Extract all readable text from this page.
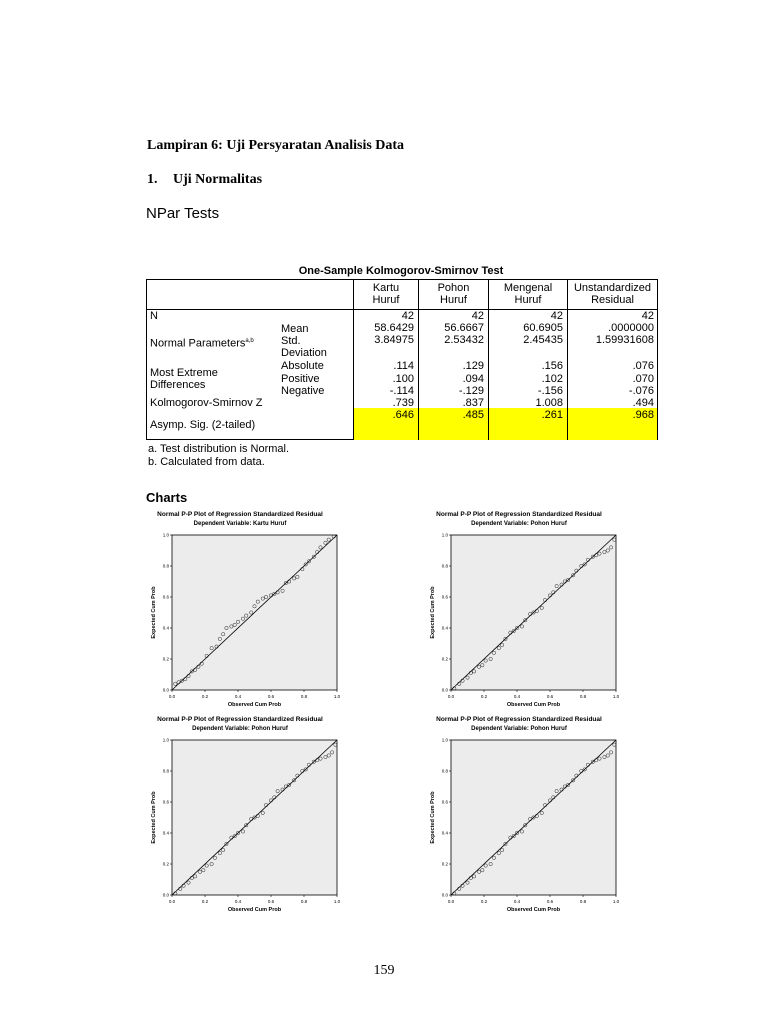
Lampiran 6: Uji Persyaratan Analisis Data
1. Uji Normalitas
NPar Tests
One-Sample Kolmogorov-Smirnov Test
Kartu
Huruf
Pohon
Huruf
Mengenal
Huruf
Unstandardized
Residual
N
Normal Parameters$^{a,b}$
Mean
Std.
Deviation
Most Extreme
Differences
Absolute
Positive
Negative
Kolmogorov-Smirnov Z
Asymp. Sig. (2-tailed)
42
58.6429
3.84975
.114
.100
-.114
.739
.646
42
56.6667
2.53432
.129
.094
-.129
.837
.485
42
60.6905
2.45435
.156
.102
-.156
1.008
.261
42
.0000000
1.59931608
.076
.070
-.076
.494
.968
a. Test distribution is Normal.
b. Calculated from data.
Charts
Normal P-P Plot of Regression Standardized Residual
Dependent Variable: Kartu Huruf
0.0
0.0
0.2
0.2
0.4
0.4
0.6
0.6
0.8
0.8
1.0
1.0
Observed Cum Prob
Expected Cum Prob
Normal P-P Plot of Regression Standardized Residual
Dependent Variable: Pohon Huruf
0.0
0.0
0.2
0.2
0.4
0.4
0.6
0.6
0.8
0.8
1.0
1.0
Observed Cum Prob
Expected Cum Prob
Normal P-P Plot of Regression Standardized Residual
Dependent Variable: Pohon Huruf
0.0
0.0
0.2
0.2
0.4
0.4
0.6
0.6
0.8
0.8
1.0
1.0
Observed Cum Prob
Expected Cum Prob
Normal P-P Plot of Regression Standardized Residual
Dependent Variable: Pohon Huruf
0.0
0.0
0.2
0.2
0.4
0.4
0.6
0.6
0.8
0.8
1.0
1.0
Observed Cum Prob
Expected Cum Prob
159
